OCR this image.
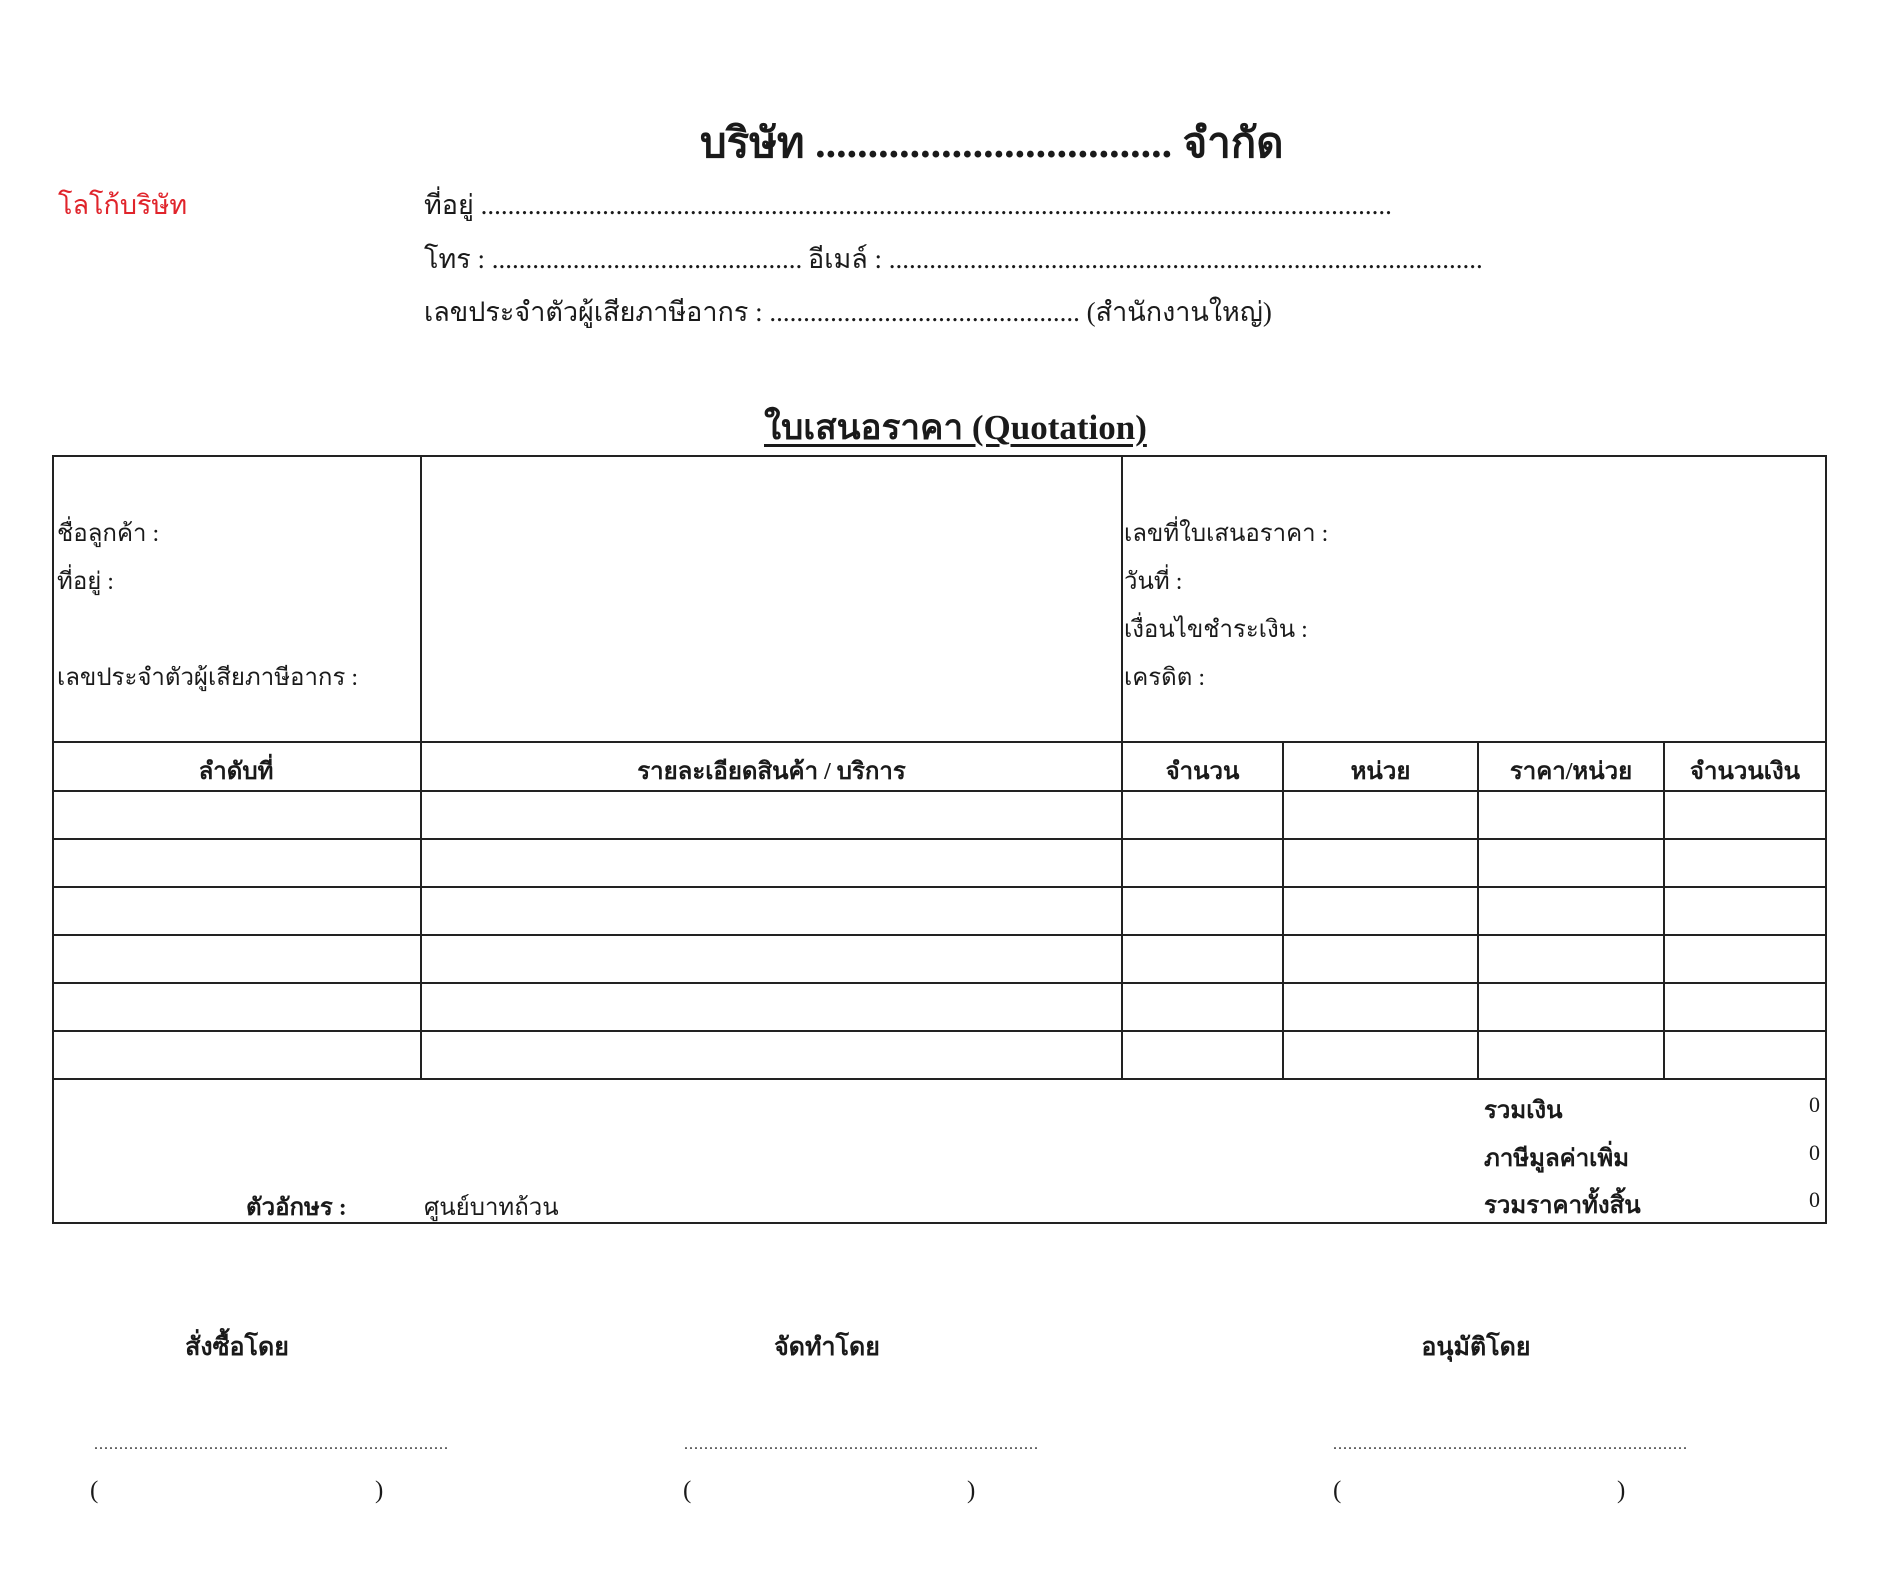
โลโก้บริษัท
บริษัท .................................. จำกัด
ที่อยู่ .......................................................................................................................................
โทร : .............................................. อีเมล์ : ........................................................................................
เลขประจำตัวผู้เสียภาษีอากร : .............................................. (สำนักงานใหญ่)
ใบเสนอราคา (Quotation)
ชื่อลูกค้า :
ที่อยู่ :
เลขประจำตัวผู้เสียภาษีอากร :
เลขที่ใบเสนอราคา :
วันที่ :
เงื่อนไขชำระเงิน :
เครดิต :
ลำดับที่	รายละเอียดสินค้า / บริการ	จำนวน	หน่วย	ราคา/หน่วย	จำนวนเงิน
รวมเงิน	0
ภาษีมูลค่าเพิ่ม	0
รวมราคาทั้งสิ้น	0
ตัวอักษร :	ศูนย์บาทถ้วน
สั่งซื้อโดย	จัดทำโดย	อนุมัติโดย
.......................................................................	.......................................................................	.......................................................................
(	)	(	)	(	)
